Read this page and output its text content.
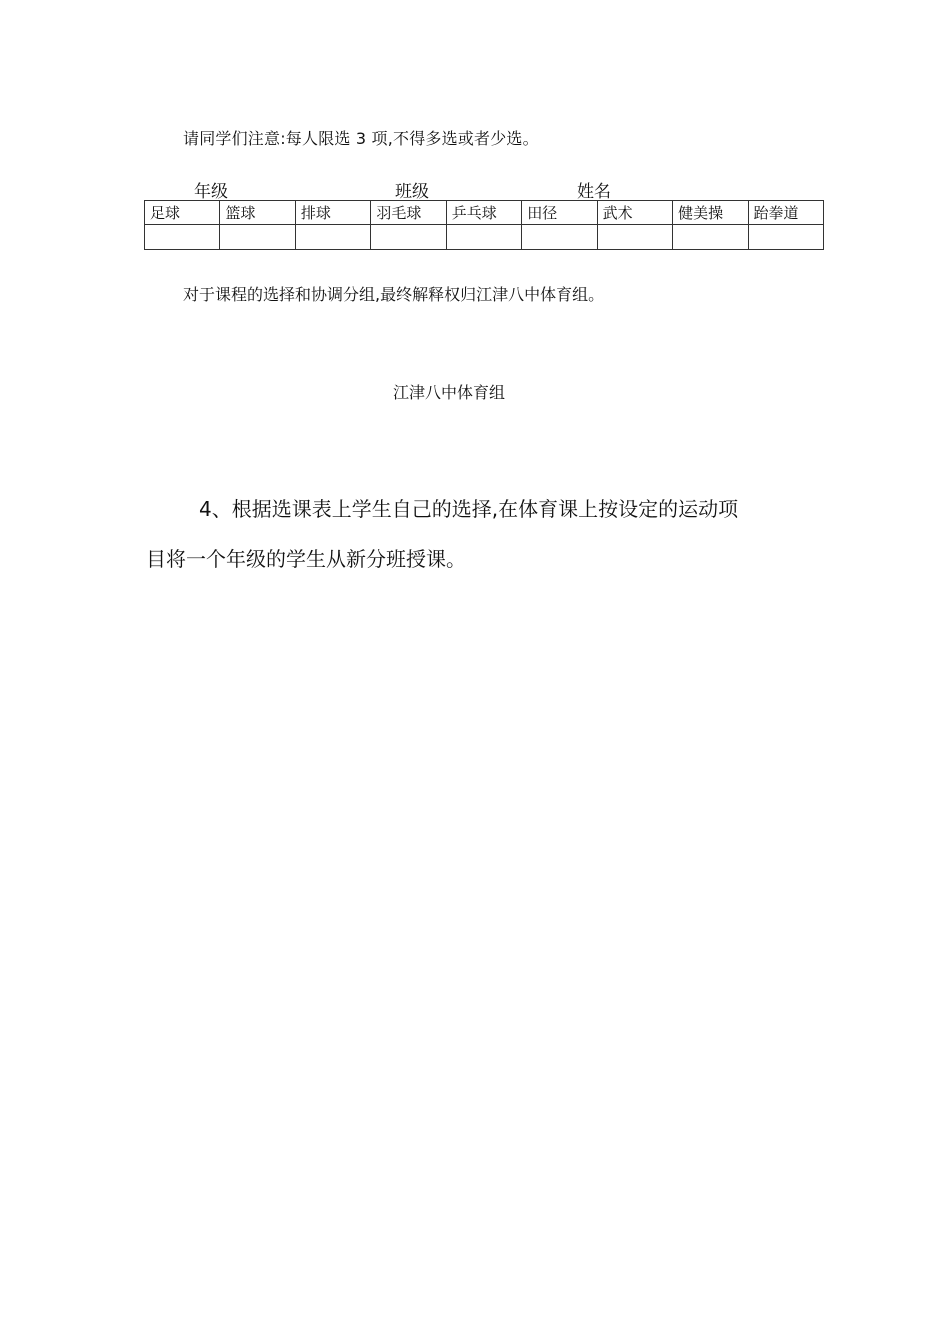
请同学们注意:每人限选 3 项,不得多选或者少选。
年级	班级	姓名
足球	篮球	排球	羽毛球	乒乓球	田径	武术	健美操	跆拳道

对于课程的选择和协调分组,最终解释权归江津八中体育组。
江津八中体育组
4、根据选课表上学生自己的选择,在体育课上按设定的运动项
目将一个年级的学生从新分班授课。
